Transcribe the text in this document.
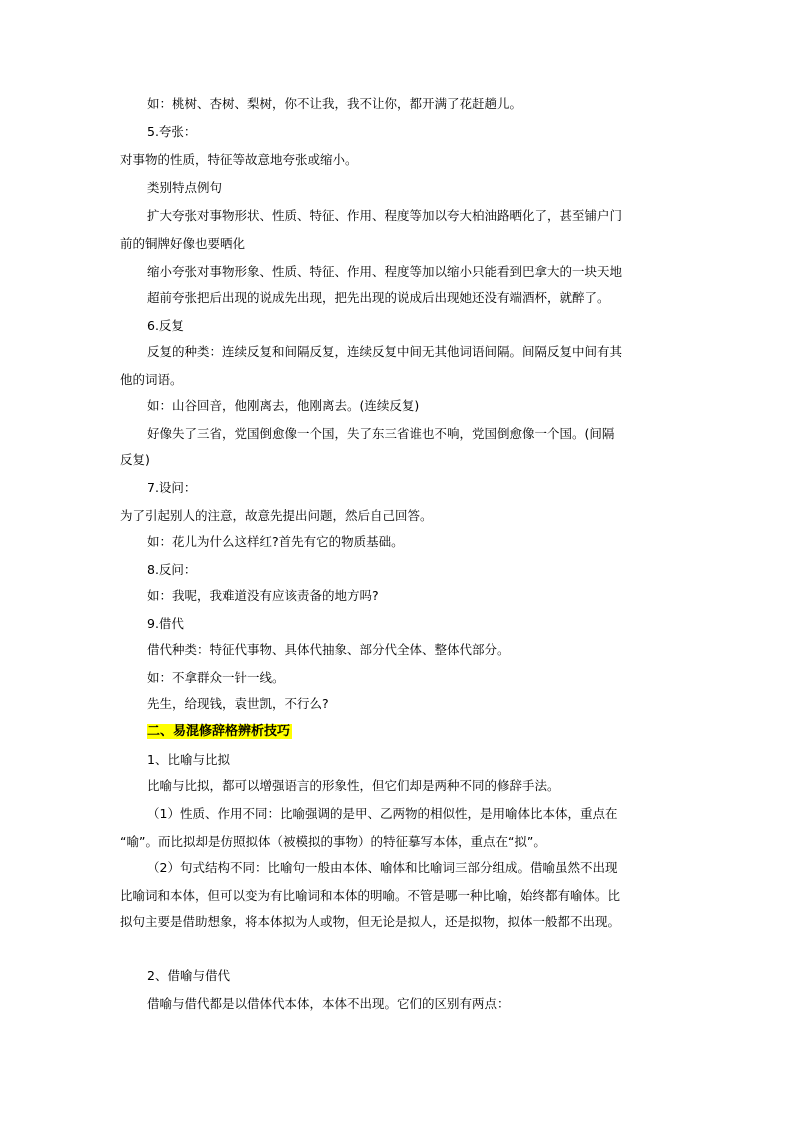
如：桃树、杏树、梨树，你不让我，我不让你，都开满了花赶趟儿。
5.夸张：
对事物的性质，特征等故意地夸张或缩小。
类别特点例句
扩大夸张对事物形状、性质、特征、作用、程度等加以夸大柏油路晒化了，甚至铺户门
前的铜牌好像也要晒化
缩小夸张对事物形象、性质、特征、作用、程度等加以缩小只能看到巴拿大的一块天地
超前夸张把后出现的说成先出现，把先出现的说成后出现她还没有端酒杯，就醉了。
6.反复
反复的种类：连续反复和间隔反复，连续反复中间无其他词语间隔。间隔反复中间有其
他的词语。
如：山谷回音，他刚离去，他刚离去。(连续反复)
好像失了三省，党国倒愈像一个国，失了东三省谁也不响，党国倒愈像一个国。(间隔
反复)
7.设问：
为了引起别人的注意，故意先提出问题，然后自己回答。
如：花儿为什么这样红?首先有它的物质基础。
8.反问：
如：我呢，我难道没有应该责备的地方吗?
9.借代
借代种类：特征代事物、具体代抽象、部分代全体、整体代部分。
如：不拿群众一针一线。
先生，给现钱，袁世凯，不行么?
二、易混修辞格辨析技巧
1、比喻与比拟
比喻与比拟，都可以增强语言的形象性，但它们却是两种不同的修辞手法。
（1）性质、作用不同：比喻强调的是甲、乙两物的相似性，是用喻体比本体，重点在
“喻”。而比拟却是仿照拟体（被模拟的事物）的特征摹写本体，重点在“拟”。
（2）句式结构不同：比喻句一般由本体、喻体和比喻词三部分组成。借喻虽然不出现
比喻词和本体，但可以变为有比喻词和本体的明喻。不管是哪一种比喻，始终都有喻体。比
拟句主要是借助想象，将本体拟为人或物，但无论是拟人，还是拟物，拟体一般都不出现。
2、借喻与借代
借喻与借代都是以借体代本体，本体不出现。它们的区别有两点：
